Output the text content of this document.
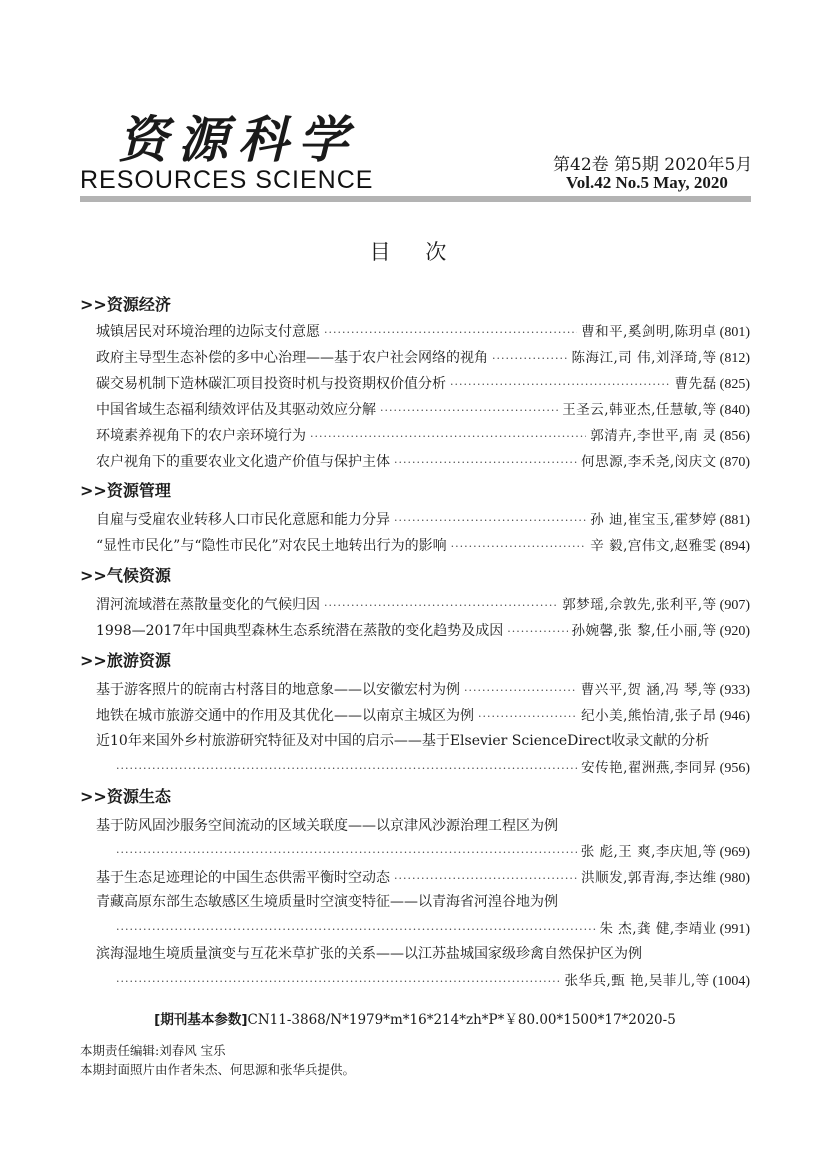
资源科学
RESOURCES SCIENCE
第42卷 第5期 2020年5月
Vol.42 No.5 May, 2020
目 次
>>资源经济
城镇居民对环境治理的边际支付意愿 ·····	曹和平,奚剑明,陈玥卓 (801)
政府主导型生态补偿的多中心治理——基于农户社会网络的视角 ·····	陈海江,司 伟,刘泽琦,等 (812)
碳交易机制下造林碳汇项目投资时机与投资期权价值分析 ·····	曹先磊 (825)
中国省域生态福利绩效评估及其驱动效应分解 ·····	王圣云,韩亚杰,任慧敏,等 (840)
环境素养视角下的农户亲环境行为 ·····	郭清卉,李世平,南 灵 (856)
农户视角下的重要农业文化遗产价值与保护主体 ·····	何思源,李禾尧,闵庆文 (870)
>>资源管理
自雇与受雇农业转移人口市民化意愿和能力分异 ·····	孙 迪,崔宝玉,霍梦婷 (881)
“显性市民化”与“隐性市民化”对农民土地转出行为的影响 ·····	辛 毅,宫伟文,赵雅雯 (894)
>>气候资源
渭河流域潜在蒸散量变化的气候归因 ·····	郭梦瑶,佘敦先,张利平,等 (907)
1998—2017年中国典型森林生态系统潜在蒸散的变化趋势及成因 ·····	孙婉馨,张 黎,任小丽,等 (920)
>>旅游资源
基于游客照片的皖南古村落目的地意象——以安徽宏村为例 ·····	曹兴平,贺 涵,冯 琴,等 (933)
地铁在城市旅游交通中的作用及其优化——以南京主城区为例 ·····	纪小美,熊怡清,张子昂 (946)
近10年来国外乡村旅游研究特征及对中国的启示——基于Elsevier ScienceDirect收录文献的分析
·····
安传艳,翟洲燕,李同昇 (956)
>>资源生态
基于防风固沙服务空间流动的区域关联度——以京津风沙源治理工程区为例
·····
张 彪,王 爽,李庆旭,等 (969)
基于生态足迹理论的中国生态供需平衡时空动态 ·····	洪顺发,郭青海,李达维 (980)
青藏高原东部生态敏感区生境质量时空演变特征——以青海省河湟谷地为例
·····
朱 杰,龚 健,李靖业 (991)
滨海湿地生境质量演变与互花米草扩张的关系——以江苏盐城国家级珍禽自然保护区为例
·····
张华兵,甄 艳,吴菲儿,等 (1004)
[期刊基本参数]CN11-3868/N*1979*m*16*214*zh*P*￥80.00*1500*17*2020-5
本期责任编辑:刘春风 宝乐
本期封面照片由作者朱杰、何思源和张华兵提供。
